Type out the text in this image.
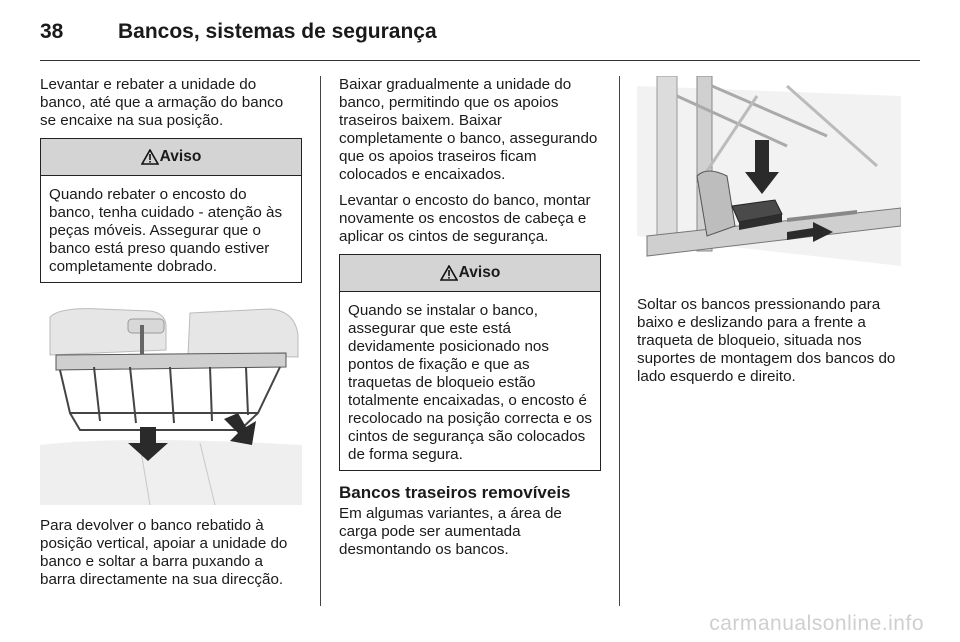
38	Bancos, sistemas de segurança

Levantar e rebater a unidade do banco, até que a armação do banco se encaixe na sua posição.

Aviso
Quando rebater o encosto do banco, tenha cuidado - atenção às peças móveis. Assegurar que o banco está preso quando estiver completamente dobrado.

Para devolver o banco rebatido à posição vertical, apoiar a unidade do banco e soltar a barra puxando a barra directamente na sua direcção.

Baixar gradualmente a unidade do banco, permitindo que os apoios traseiros baixem. Baixar completamente o banco, assegurando que os apoios traseiros ficam colocados e encaixados.

Levantar o encosto do banco, montar novamente os encostos de cabeça e aplicar os cintos de segurança.

Aviso
Quando se instalar o banco, assegurar que este está devidamente posicionado nos pontos de fixação e que as traquetas de bloqueio estão totalmente encaixadas, o encosto é recolocado na posição correcta e os cintos de segurança são colocados de forma segura.
Bancos traseiros removíveis

Em algumas variantes, a área de carga pode ser aumentada desmontando os bancos.

Soltar os bancos pressionando para baixo e deslizando para a frente a traqueta de bloqueio, situada nos suportes de montagem dos bancos do lado esquerdo e direito.

carmanualsonline.info
